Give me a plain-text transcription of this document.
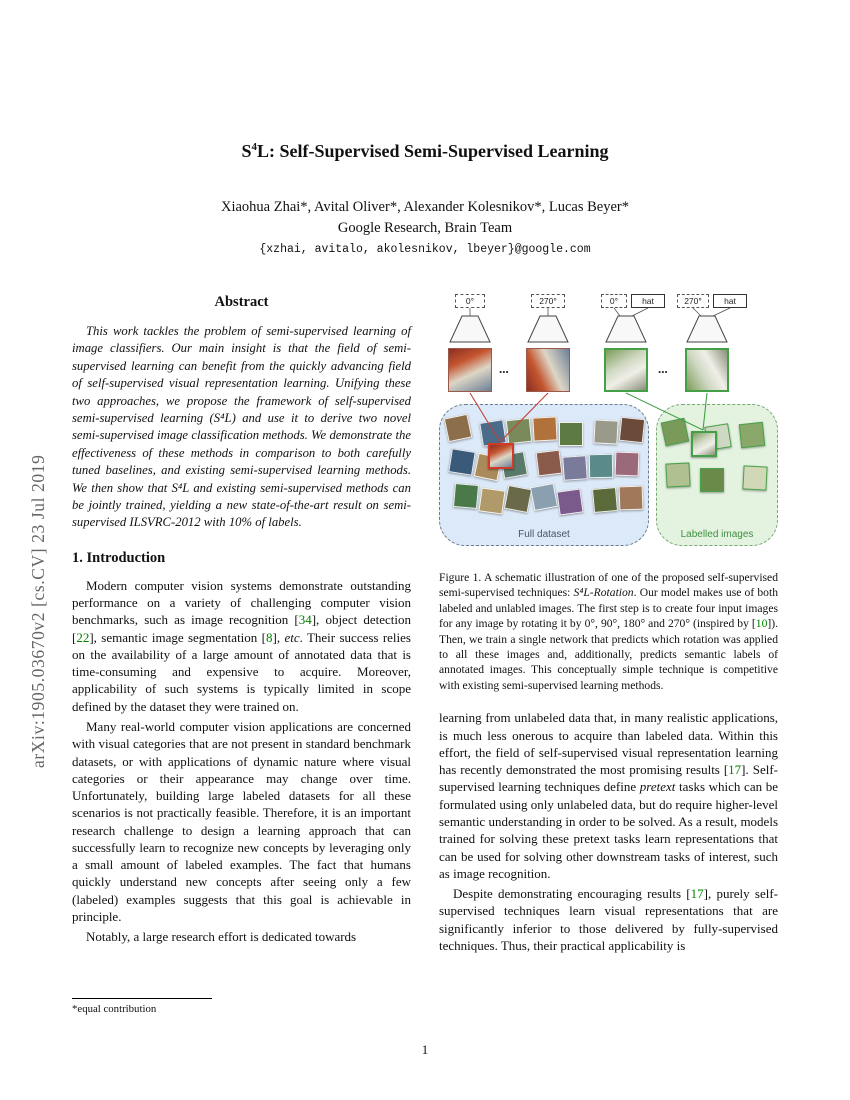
arXiv:1905.03670v2 [cs.CV] 23 Jul 2019
$S^4L$: Self-Supervised Semi-Supervised Learning
Xiaohua Zhai*, Avital Oliver*, Alexander Kolesnikov*, Lucas Beyer*
Google Research, Brain Team
{xzhai, avitalo, akolesnikov, lbeyer}@google.com
Abstract

This work tackles the problem of semi-supervised learning of image classifiers. Our main insight is that the field of semi-supervised learning can benefit from the quickly advancing field of self-supervised visual representation learning. Unifying these two approaches, we propose the framework of self-supervised semi-supervised learning (S⁴L) and use it to derive two novel semi-supervised image classification methods. We demonstrate the effectiveness of these methods in comparison to both carefully tuned baselines, and existing semi-supervised learning methods. We then show that S⁴L and existing semi-supervised methods can be jointly trained, yielding a new state-of-the-art result on semi-supervised ILSVRC-2012 with 10% of labels.

1. Introduction

Modern computer vision systems demonstrate outstanding performance on a variety of challenging computer vision benchmarks, such as image recognition [34], object detection [22], semantic image segmentation [8], etc. Their success relies on the availability of a large amount of annotated data that is time-consuming and expensive to acquire. Moreover, applicability of such systems is typically limited in scope defined by the dataset they were trained on.

Many real-world computer vision applications are concerned with visual categories that are not present in standard benchmark datasets, or with applications of dynamic nature where visual categories or their appearance may change over time. Unfortunately, building large labeled datasets for all these scenarios is not practically feasible. Therefore, it is an important research challenge to design a learning approach that can successfully learn to recognize new concepts by leveraging only a small amount of labeled examples. The fact that humans quickly understand new concepts after seeing only a few (labeled) examples suggests that this goal is achievable in principle.

Notably, a large research effort is dedicated towards

0°	270°	0°	hat	270°	hat
...	...
Full dataset	Labelled images

Figure 1. A schematic illustration of one of the proposed self-supervised semi-supervised techniques: S⁴L-Rotation. Our model makes use of both labeled and unlabled images. The first step is to create four input images for any image by rotating it by 0°, 90°, 180° and 270° (inspired by [10]). Then, we train a single network that predicts which rotation was applied to all these images and, additionally, predicts semantic labels of annotated images. This conceptually simple technique is competitive with existing semi-supervised learning methods.

learning from unlabeled data that, in many realistic applications, is much less onerous to acquire than labeled data. Within this effort, the field of self-supervised visual representation learning has recently demonstrated the most promising results [17]. Self-supervised learning techniques define pretext tasks which can be formulated using only unlabeled data, but do require higher-level semantic understanding in order to be solved. As a result, models trained for solving these pretext tasks learn representations that can be used for solving other downstream tasks of interest, such as image recognition.

Despite demonstrating encouraging results [17], purely self-supervised techniques learn visual representations that are significantly inferior to those delivered by fully-supervised techniques. Thus, their practical applicability is

*equal contribution
1
